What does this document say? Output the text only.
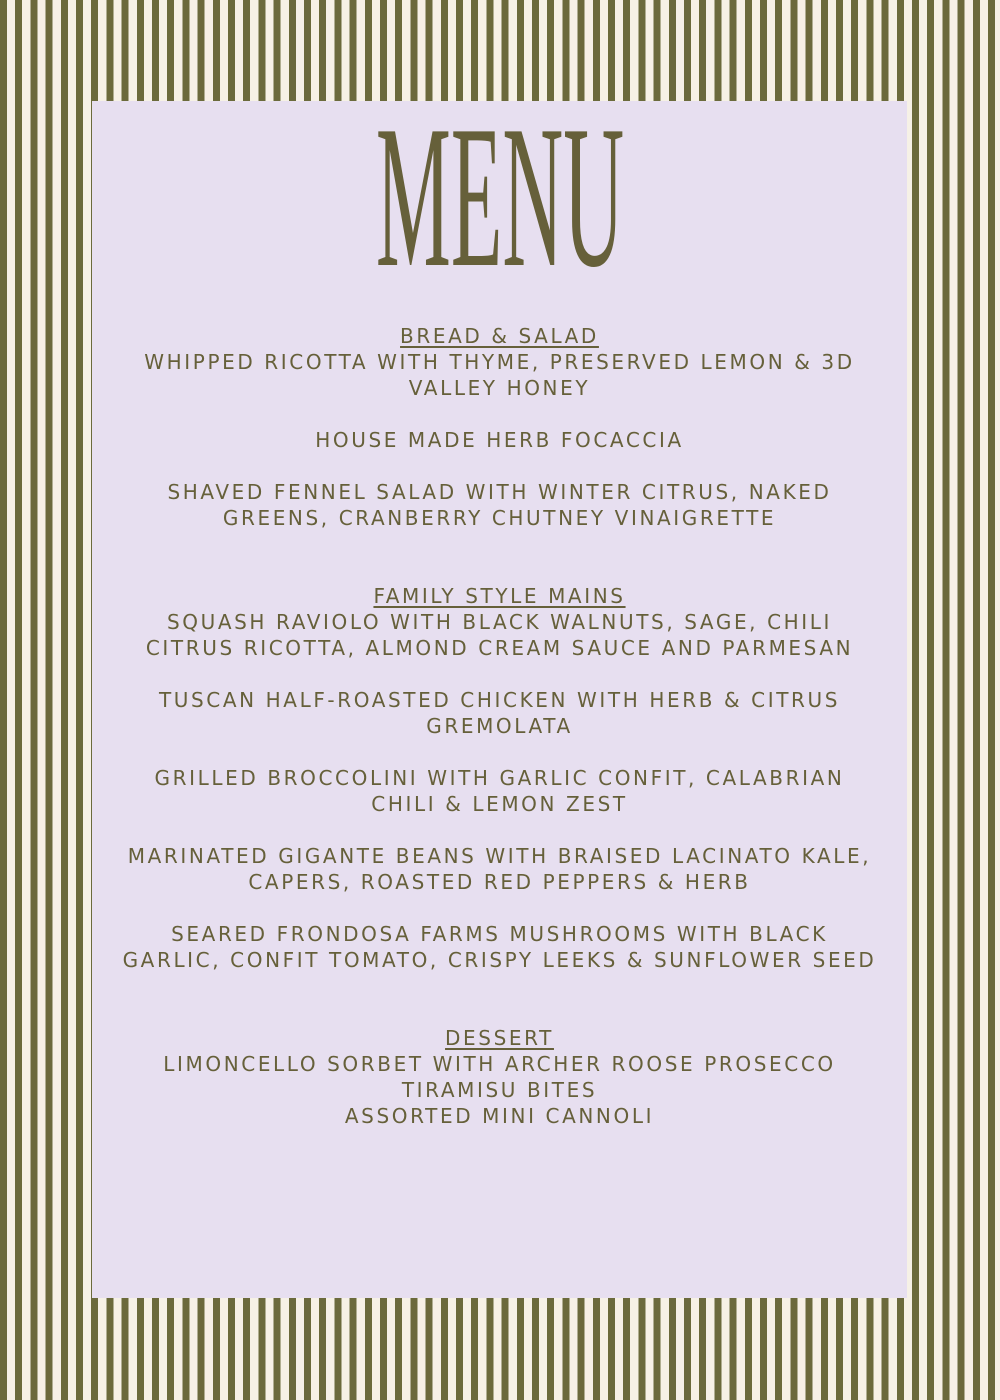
MENU

BREAD & SALAD

WHIPPED RICOTTA WITH THYME, PRESERVED LEMON & 3D VALLEY HONEY

HOUSE MADE HERB FOCACCIA

SHAVED FENNEL SALAD WITH WINTER CITRUS, NAKED GREENS, CRANBERRY CHUTNEY VINAIGRETTE

FAMILY STYLE MAINS

SQUASH RAVIOLO WITH BLACK WALNUTS, SAGE, CHILI CITRUS RICOTTA, ALMOND CREAM SAUCE AND PARMESAN

TUSCAN HALF-ROASTED CHICKEN WITH HERB & CITRUS GREMOLATA

GRILLED BROCCOLINI WITH GARLIC CONFIT, CALABRIAN CHILI & LEMON ZEST

MARINATED GIGANTE BEANS WITH BRAISED LACINATO KALE, CAPERS, ROASTED RED PEPPERS & HERB

SEARED FRONDOSA FARMS MUSHROOMS WITH BLACK GARLIC, CONFIT TOMATO, CRISPY LEEKS & SUNFLOWER SEED

DESSERT

LIMONCELLO SORBET WITH ARCHER ROOSE PROSECCO

TIRAMISU BITES

ASSORTED MINI CANNOLI
